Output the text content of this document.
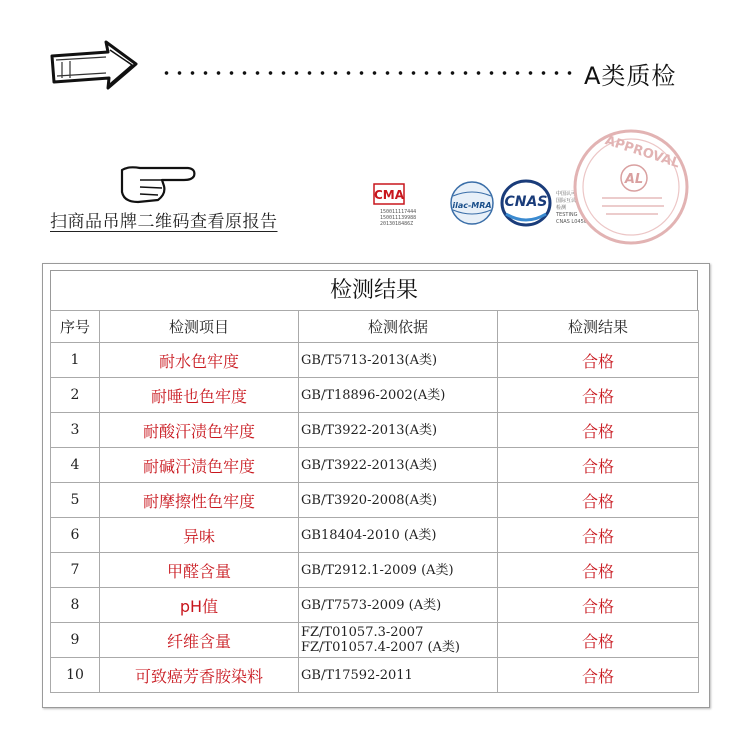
A类质检
扫商品吊牌二维码查看原报告
CMA
150011117444
150011139988
2013018486Z
ilac-MRA CNAS	中国认可
国际互认
检测
TESTING
CNAS L0450
APPROVAL
AL
检测结果
序号	检测项目	检测依据	检测结果
1	耐水色牢度	GB/T5713-2013(A类)	合格
2	耐唾也色牢度	GB/T18896-2002(A类)	合格
3	耐酸汗渍色牢度	GB/T3922-2013(A类)	合格
4	耐碱汗渍色牢度	GB/T3922-2013(A类)	合格
5	耐摩擦性色牢度	GB/T3920-2008(A类)	合格
6	异味	GB18404-2010 (A类)	合格
7	甲醛含量	GB/T2912.1-2009 (A类)	合格
8	pH值	GB/T7573-2009 (A类)	合格
9	纤维含量	FZ/T01057.3-2007
FZ/T01057.4-2007 (A类)	合格
10	可致癌芳香胺染料	GB/T17592-2011	合格
